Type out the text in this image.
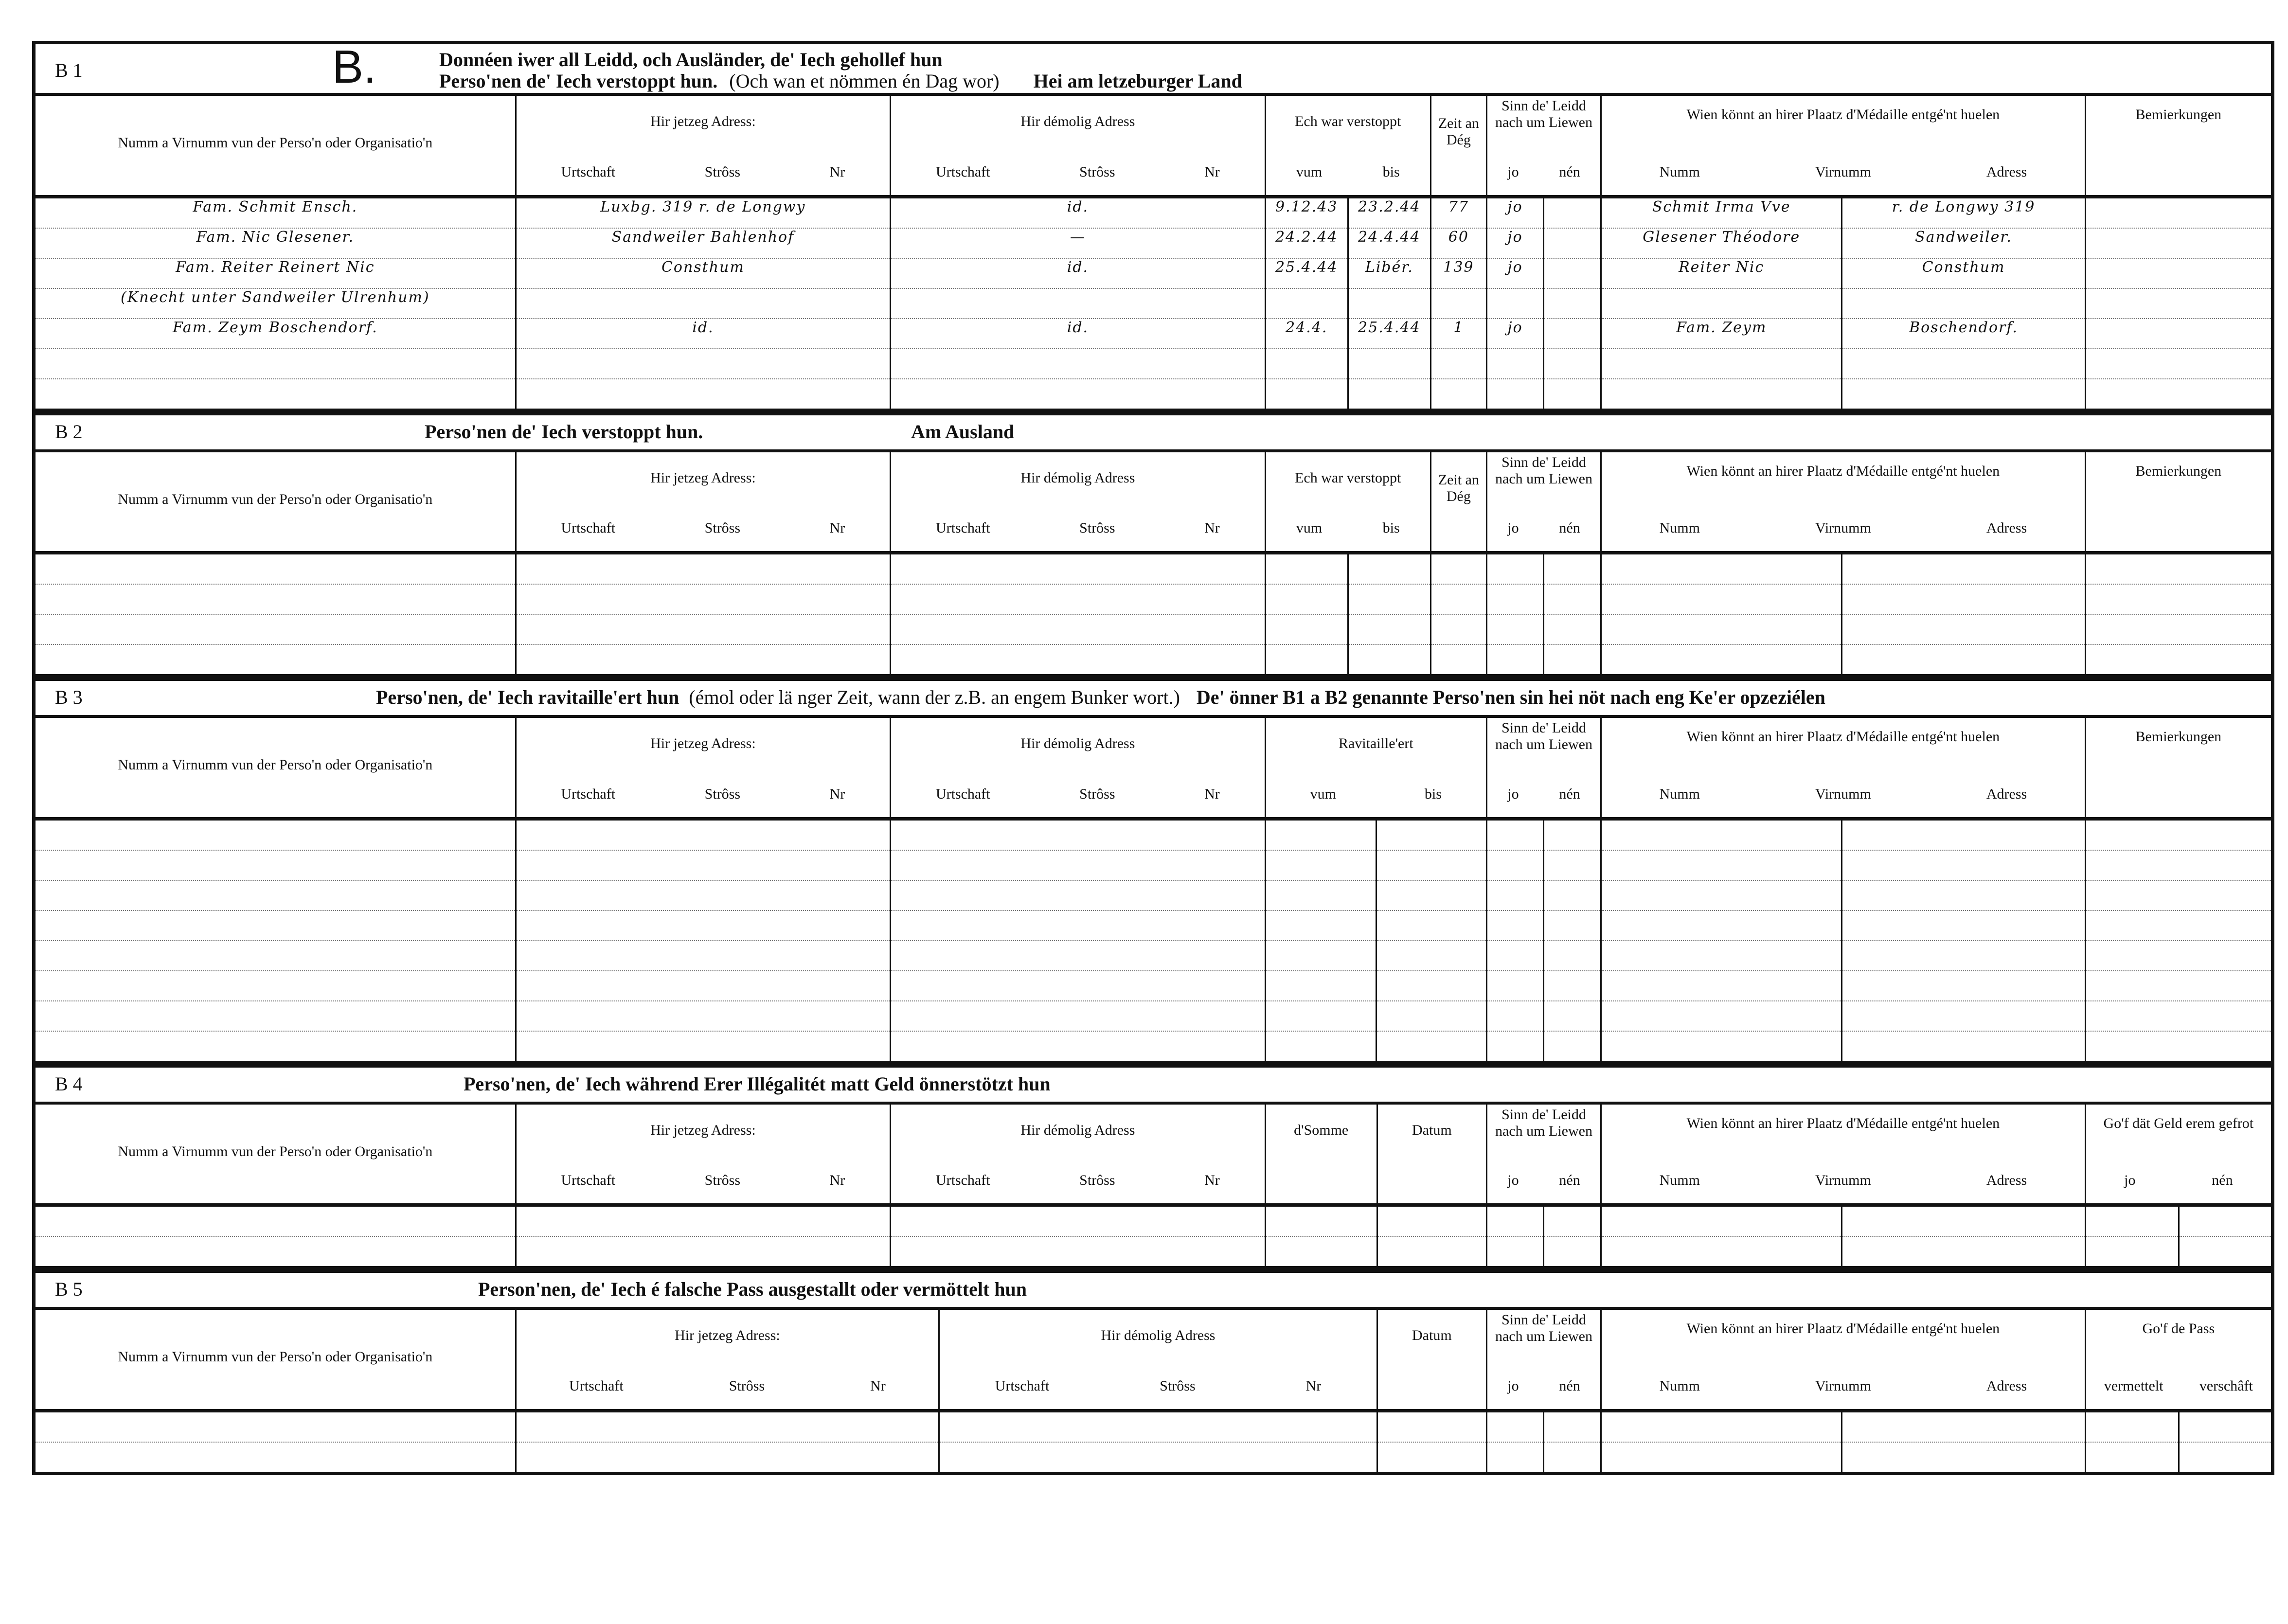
B 1	B.	Donnéen iwer all Leidd, och Ausländer, de' Iech gehollef hun
Perso'nen de' Iech verstoppt hun. (Och wan et nömmen én Dag wor) Hei am letzeburger Land
Numm a Virnumm vun der Perso'n oder Organisatio'n

Hir jetzeg Adress:
Urtschaft	Strôss	Nr

Hir démolig Adress
Urtschaft	Strôss	Nr

Ech war verstoppt
vum	bis

Zeit an Dég

Sinn de' Leidd nach um Liewen
jo	nén

Wien könnt an hirer Plaatz d'Médaille entgé'nt huelen
Numm	Virnumm	Adress

Bemierkungen
Fam. Schmit Ensch.	Luxbg. 319 r. de Longwy	id.	9.12.43	23.2.44	77	jo		Schmit Irma Vve	r. de Longwy 319	
Fam. Nic Glesener.	Sandweiler Bahlenhof	—	24.2.44	24.4.44	60	jo		Glesener Théodore	Sandweiler.	
Fam. Reiter Reinert Nic	Consthum	id.	25.4.44	Libér.	139	jo		Reiter Nic	Consthum	
(Knecht unter Sandweiler Ulrenhum)										
Fam. Zeym Boschendorf.	id.	id.	24.4.	25.4.44	1	jo		Fam. Zeym	Boschendorf.	

B 2	Perso'nen de' Iech verstoppt hun.	Am Ausland
Numm a Virnumm vun der Perso'n oder Organisatio'n

Hir jetzeg Adress:
Urtschaft	Strôss	Nr

Hir démolig Adress
Urtschaft	Strôss	Nr

Ech war verstoppt
vum	bis

Zeit an Dég

Sinn de' Leidd nach um Liewen
jo	nén

Wien könnt an hirer Plaatz d'Médaille entgé'nt huelen
Numm	Virnumm	Adress

Bemierkungen

B 3	Perso'nen, de' Iech ravitaille'ert hun (émol oder lä nger Zeit, wann der z.B. an engem Bunker wort.) De' önner B1 a B2 genannte Perso'nen sin hei nöt nach eng Ke'er opzeziélen
Numm a Virnumm vun der Perso'n oder Organisatio'n

Hir jetzeg Adress:
Urtschaft	Strôss	Nr

Hir démolig Adress
Urtschaft	Strôss	Nr

Ravitaille'ert
vum	bis

Sinn de' Leidd nach um Liewen
jo	nén

Wien könnt an hirer Plaatz d'Médaille entgé'nt huelen
Numm	Virnumm	Adress

Bemierkungen

B 4	Perso'nen, de' Iech während Erer Illégalitét matt Geld önnerstötzt hun
Numm a Virnumm vun der Perso'n oder Organisatio'n

Hir jetzeg Adress:
Urtschaft	Strôss	Nr

Hir démolig Adress
Urtschaft	Strôss	Nr

d'Somme	Datum

Sinn de' Leidd nach um Liewen
jo	nén

Wien könnt an hirer Plaatz d'Médaille entgé'nt huelen
Numm	Virnumm	Adress

Go'f dät Geld erem gefrot
jo	nén

B 5	Person'nen, de' Iech é falsche Pass ausgestallt oder vermöttelt hun
Numm a Virnumm vun der Perso'n oder Organisatio'n

Hir jetzeg Adress:
Urtschaft	Strôss	Nr

Hir démolig Adress
Urtschaft	Strôss	Nr

Datum

Sinn de' Leidd nach um Liewen
jo	nén

Wien könnt an hirer Plaatz d'Médaille entgé'nt huelen
Numm	Virnumm	Adress

Go'f de Pass
vermettelt verschâft
